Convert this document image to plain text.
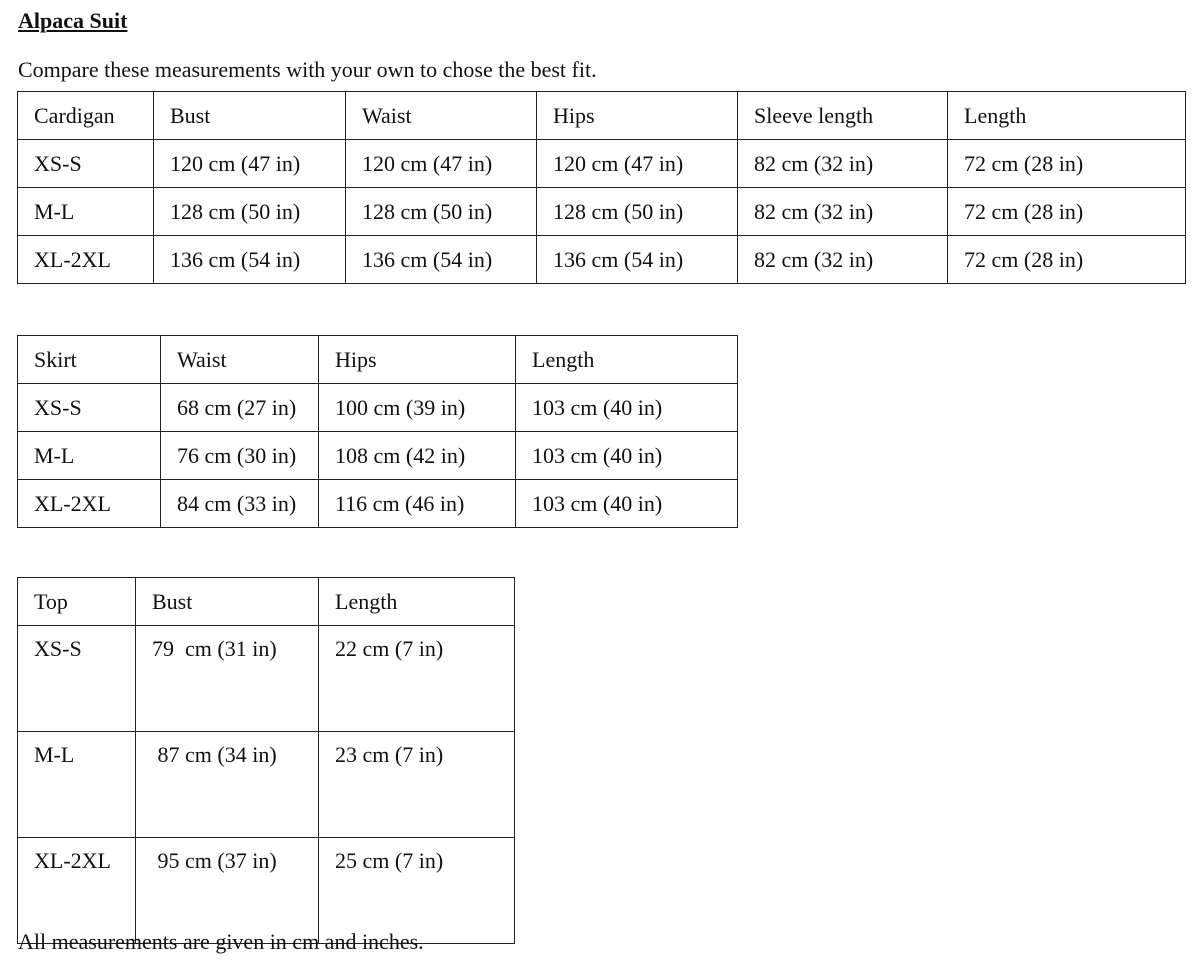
Alpaca Suit

Compare these measurements with your own to chose the best fit.

Cardigan	Bust	Waist	Hips	Sleeve length	Length
XS-S	120 cm (47 in)	120 cm (47 in)	120 cm (47 in)	82 cm (32 in)	72 cm (28 in)
M-L	128 cm (50 in)	128 cm (50 in)	128 cm (50 in)	82 cm (32 in)	72 cm (28 in)
XL-2XL	136 cm (54 in)	136 cm (54 in)	136 cm (54 in)	82 cm (32 in)	72 cm (28 in)
Skirt	Waist	Hips	Length
XS-S	68 cm (27 in)	100 cm (39 in)	103 cm (40 in)
M-L	76 cm (30 in)	108 cm (42 in)	103 cm (40 in)
XL-2XL	84 cm (33 in)	116 cm (46 in)	103 cm (40 in)
Top	Bust	Length
XS-S	79  cm (31 in)	22 cm (7 in)
M-L	87 cm (34 in)	23 cm (7 in)
XL-2XL	95 cm (37 in)	25 cm (7 in)

All measurements are given in cm and inches.
